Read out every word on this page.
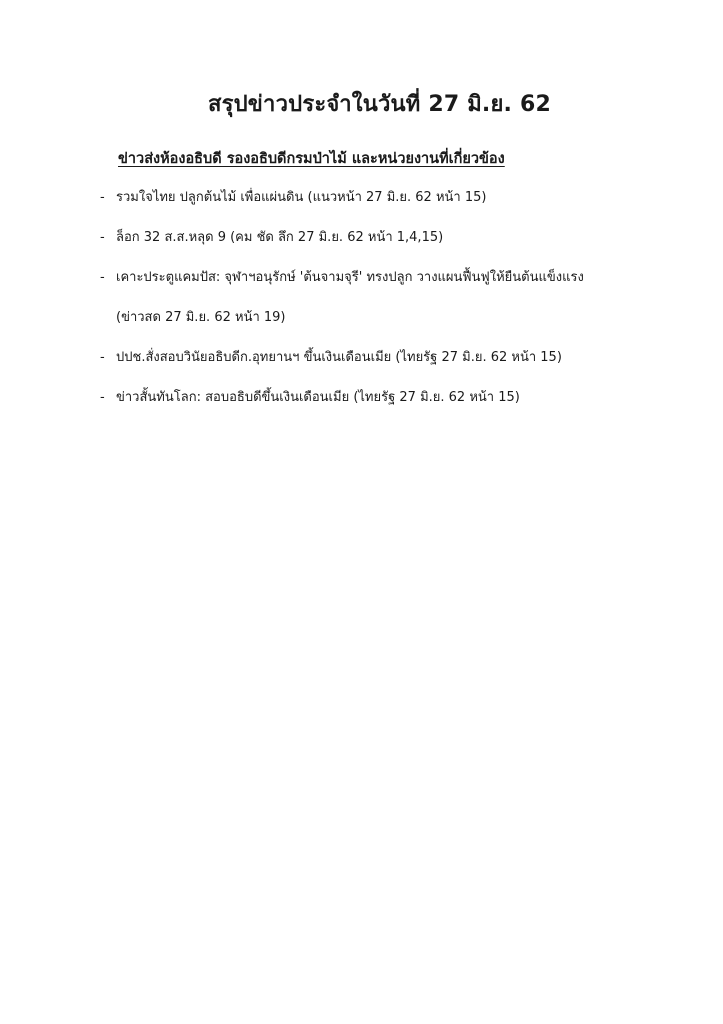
สรุปข่าวประจำในวันที่ 27 มิ.ย. 62
ข่าวส่งห้องอธิบดี รองอธิบดีกรมป่าไม้ และหน่วยงานที่เกี่ยวข้อง
- รวมใจไทย ปลูกต้นไม้ เพื่อแผ่นดิน (แนวหน้า 27 มิ.ย. 62 หน้า 15)
- ล็อก 32 ส.ส.หลุด 9 (คม ชัด ลึก 27 มิ.ย. 62 หน้า 1,4,15)
- เคาะประตูแคมปัส: จุฬาฯอนุรักษ์ 'ต้นจามจุรี' ทรงปลูก วางแผนฟื้นฟูให้ยืนต้นแข็งแรง
(ข่าวสด 27 มิ.ย. 62 หน้า 19)
- ปปช.สั่งสอบวินัยอธิบดีก.อุทยานฯ ขึ้นเงินเดือนเมีย (ไทยรัฐ 27 มิ.ย. 62 หน้า 15)
- ข่าวสั้นทันโลก: สอบอธิบดีขึ้นเงินเดือนเมีย (ไทยรัฐ 27 มิ.ย. 62 หน้า 15)
